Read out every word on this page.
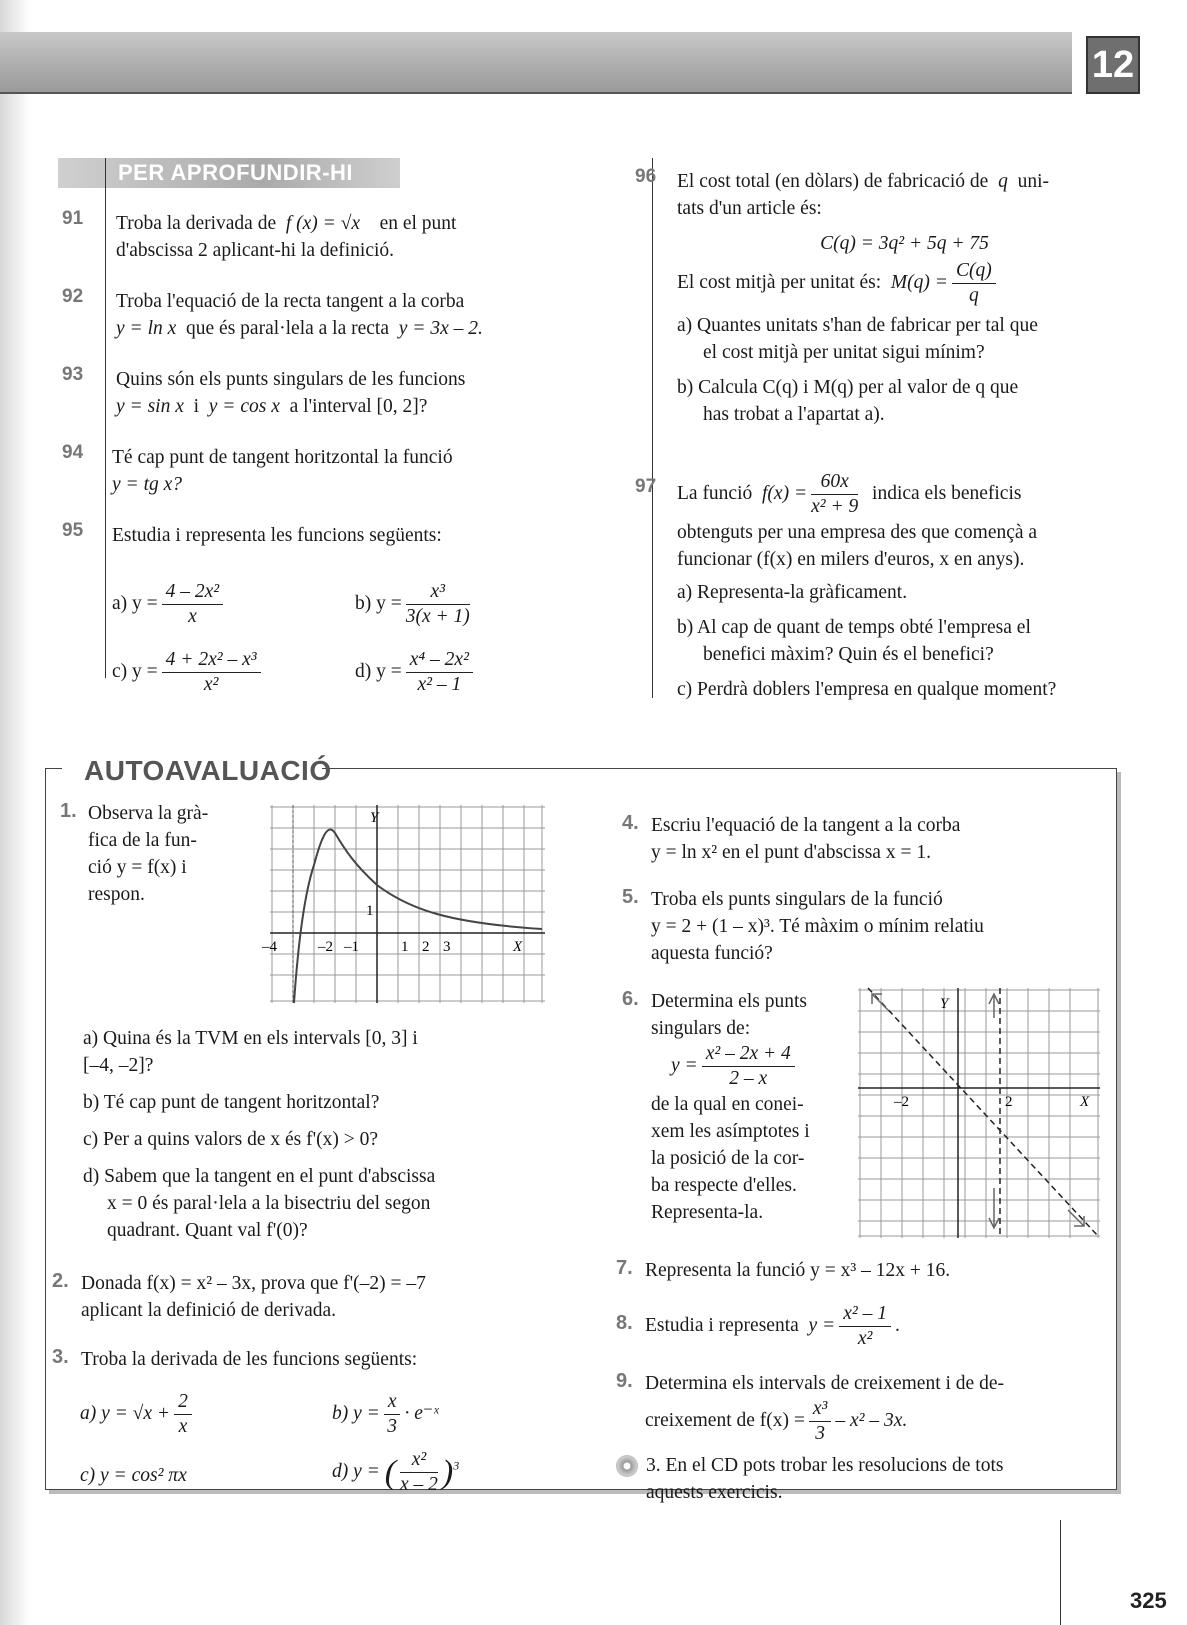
12
PER APROFUNDIR-HI
91 Troba la derivada de f (x) = √x en el punt
d'abscissa 2 aplicant-hi la definició.
92 Troba l'equació de la recta tangent a la corba
y = ln x que és paral·lela a la recta y = 3x – 2.
93 Quins són els punts singulars de les funcions
y = sin x i y = cos x a l'interval [0, 2]?
94 Té cap punt de tangent horitzontal la funció
y = tg x?
95 Estudia i representa les funcions següents:
a) $y = \frac{\text{4 – 2x²}}{x}$	b) $y = \frac{\text{x³}}{3(x + 1)}$
c) $y = \frac{\text{4 + 2x² – x³}}{\text{x²}}$	d) $y = \frac{\text{x⁴ – 2x²}}{\text{x² – 1}}$
96 El cost total (en dòlars) de fabricació de q uni-
tats d'un article és:
C(q) = 3q² + 5q + 75
El cost mitjà per unitat és: $M(q) = \frac{C(q)}{q}$
a) Quantes unitats s'han de fabricar per tal que
el cost mitjà per unitat sigui mínim?
b) Calcula C(q) i M(q) per al valor de q que
has trobat a l'apartat a).
97 La funció $f(x) = \frac{60x}{\text{x² + 9}}$ indica els beneficis
obtenguts per una empresa des que començà a
funcionar (f(x) en milers d'euros, x en anys).
a) Representa-la gràficament.
b) Al cap de quant de temps obté l'empresa el
benefici màxim? Quin és el benefici?
c) Perdrà doblers l'empresa en qualque moment?
AUTOAVALUACIÓ
1. Observa la grà-
fica de la fun-
ció y = f(x) i
respon.
Y
X
1
–4	–2 –1	1 2 3
a) Quina és la TVM en els intervals [0, 3] i
[–4, –2]?
b) Té cap punt de tangent horitzontal?
c) Per a quins valors de x és f'(x) > 0?
d) Sabem que la tangent en el punt d'abscissa
x = 0 és paral·lela a la bisectriu del segon
quadrant. Quant val f'(0)?
2. Donada f(x) = x² – 3x, prova que f'(–2) = –7
aplicant la definició de derivada.
3. Troba la derivada de les funcions següents:
a) $y = √x + \frac{2}{x}$	b) $y = \frac{x}{3}$ · e⁻ˣ
c) y = cos² πx	d) y = ( $\frac{\text{x²}}{x - 2} )^3$
4. Escriu l'equació de la tangent a la corba
y = ln x² en el punt d'abscissa x = 1.
5. Troba els punts singulars de la funció
y = 2 + (1 – x)³. Té màxim o mínim relatiu
aquesta funció?
6. Determina els punts
singulars de:
$y = \frac{\text{x² – 2x + 4}}{2 - x}$
de la qual en conei-
xem les asímptotes i
la posició de la cor-
ba respecte d'elles.
Representa-la.
Y
X
–2	2
7. Representa la funció y = x³ – 12x + 16.
8. Estudia i representa $y = \frac{\text{x² – 1}}{\text{x²}}$ .
9. Determina els intervals de creixement i de de-
creixement de $f(x) = \frac{\text{x³}}{3} - x^2 - 3x$.
3. En el CD pots trobar les resolucions de tots
aquests exercicis.
325
